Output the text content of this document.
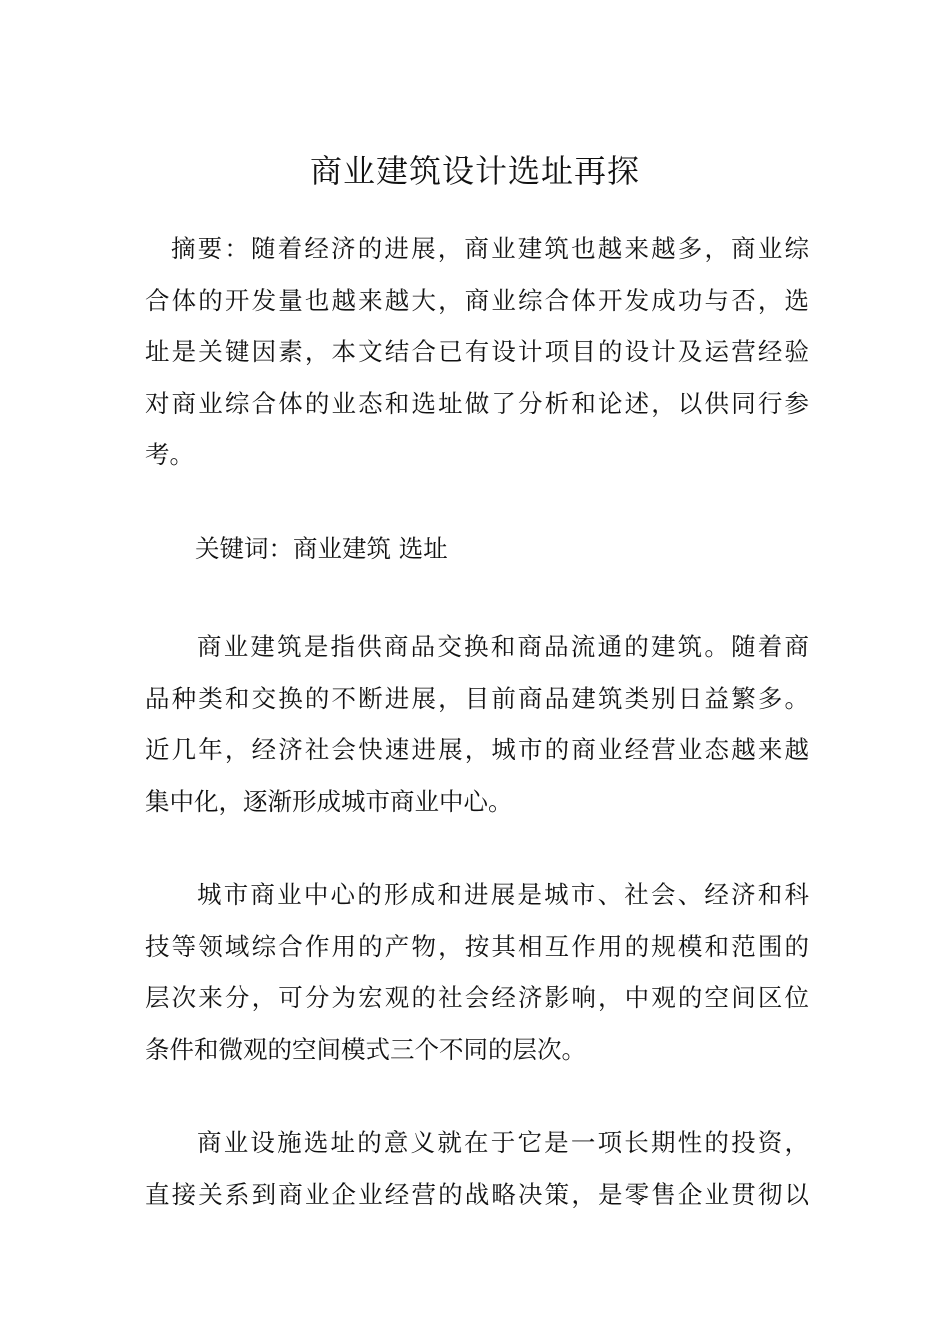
商业建筑设计选址再探
摘要：随着经济的进展，商业建筑也越来越多，商业综
合体的开发量也越来越大，商业综合体开发成功与否，选
址是关键因素，本文结合已有设计项目的设计及运营经验
对商业综合体的业态和选址做了分析和论述，以供同行参
考。
关键词：商业建筑 选址
商业建筑是指供商品交换和商品流通的建筑。随着商
品种类和交换的不断进展，目前商品建筑类别日益繁多。
近几年，经济社会快速进展，城市的商业经营业态越来越
集中化，逐渐形成城市商业中心。
城市商业中心的形成和进展是城市、社会、经济和科
技等领域综合作用的产物，按其相互作用的规模和范围的
层次来分，可分为宏观的社会经济影响，中观的空间区位
条件和微观的空间模式三个不同的层次。
商业设施选址的意义就在于它是一项长期性的投资，
直接关系到商业企业经营的战略决策，是零售企业贯彻以
